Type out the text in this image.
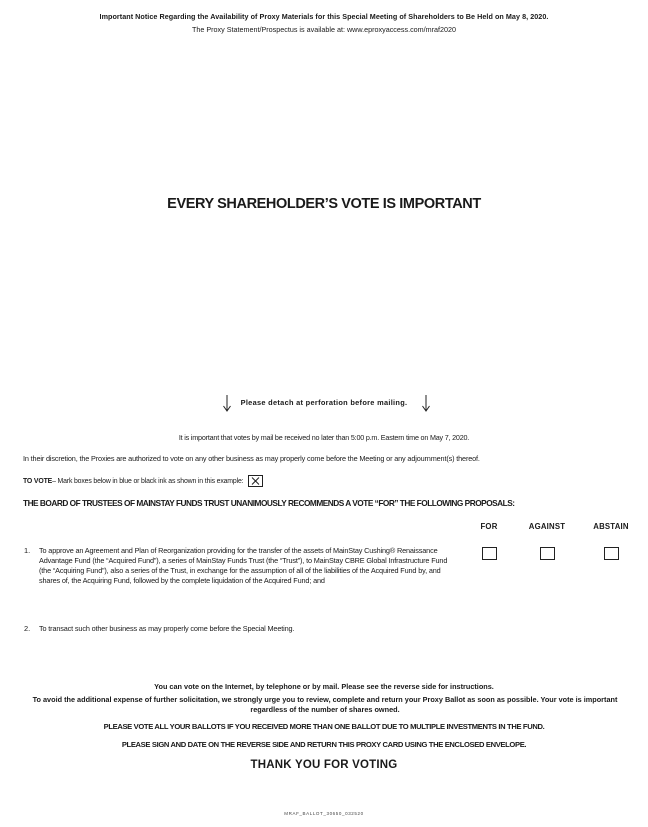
Important Notice Regarding the Availability of Proxy Materials for this Special Meeting of Shareholders to Be Held on May 8, 2020.
The Proxy Statement/Prospectus is available at: www.eproxyaccess.com/mraf2020
EVERY SHAREHOLDER’S VOTE IS IMPORTANT
Please detach at perforation before mailing.
It is important that votes by mail be received no later than 5:00 p.m. Eastern time on May 7, 2020.
In their discretion, the Proxies are authorized to vote on any other business as may properly come before the Meeting or any adjournment(s) thereof.
TO VOTE – Mark boxes below in blue or black ink as shown in this example:
THE BOARD OF TRUSTEES OF MAINSTAY FUNDS TRUST UNANIMOUSLY RECOMMENDS A VOTE “FOR” THE FOLLOWING PROPOSALS:
FOR	AGAINST	ABSTAIN
1. To approve an Agreement and Plan of Reorganization providing for the transfer of the assets of MainStay Cushing® Renaissance Advantage Fund (the “Acquired Fund”), a series of MainStay Funds Trust (the “Trust”), to MainStay CBRE Global Infrastructure Fund (the “Acquiring Fund”), also a series of the Trust, in exchange for the assumption of all of the liabilities of the Acquired Fund by, and shares of, the Acquiring Fund, followed by the complete liquidation of the Acquired Fund; and
2. To transact such other business as may properly come before the Special Meeting.
You can vote on the Internet, by telephone or by mail. Please see the reverse side for instructions.
To avoid the additional expense of further solicitation, we strongly urge you to review, complete and return your Proxy Ballot as soon as possible. Your vote is important regardless of the number of shares owned.
PLEASE VOTE ALL YOUR BALLOTS IF YOU RECEIVED MORE THAN ONE BALLOT DUE TO MULTIPLE INVESTMENTS IN THE FUND.
PLEASE SIGN AND DATE ON THE REVERSE SIDE AND RETURN THIS PROXY CARD USING THE ENCLOSED ENVELOPE.
THANK YOU FOR VOTING
MRAF_BALLOT_30650_032520
